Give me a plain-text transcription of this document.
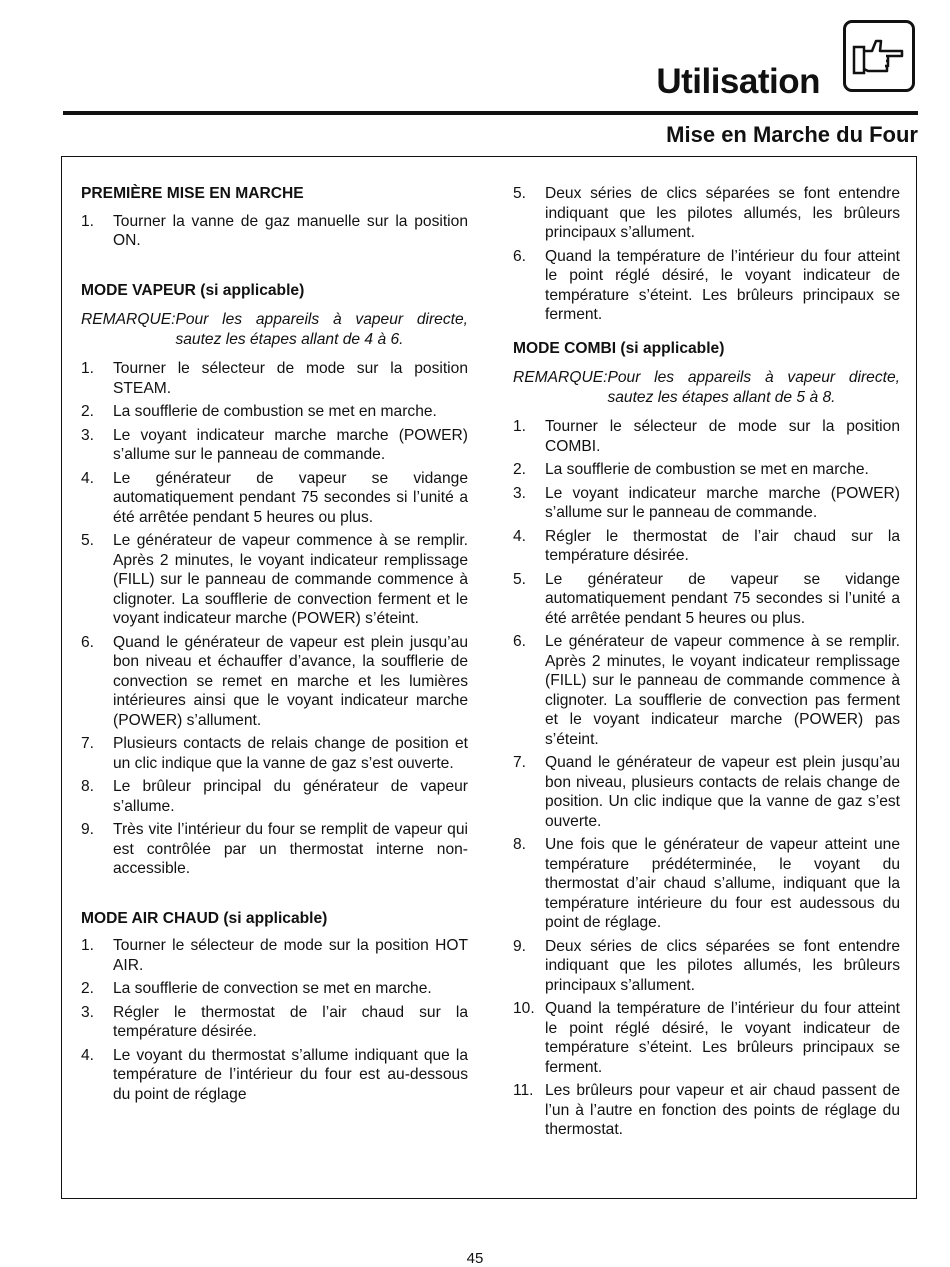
Utilisation
Mise en Marche du Four

PREMIÈRE MISE EN MARCHE

1.	Tourner la vanne de gaz manuelle sur la position ON.

MODE VAPEUR (si applicable)

REMARQUE: Pour les appareils à vapeur directe, sautez les étapes allant de 4 à 6.
1.	Tourner le sélecteur de mode sur la position STEAM.
2.	La soufflerie de combustion se met en marche.
3.	Le voyant indicateur marche marche (POWER) s’allume sur le panneau de commande.
4.	Le générateur de vapeur se vidange automatiquement pendant 75 secondes si l’unité a été arrêtée pendant 5 heures ou plus.
5.	Le générateur de vapeur commence à se remplir. Après 2 minutes, le voyant indicateur remplissage (FILL) sur le panneau de commande commence à clignoter. La soufflerie de convection ferment et le voyant indicateur marche (POWER) s’éteint.
6.	Quand le générateur de vapeur est plein jusqu’au bon niveau et échauffer d’avance, la soufflerie de convection se remet en marche et les lumières intérieures ainsi que le voyant indicateur marche (POWER) s’allument.
7.	Plusieurs contacts de relais change de position et un clic indique que la vanne de gaz s’est ouverte.
8.	Le brûleur principal du générateur de vapeur s’allume.
9.	Très vite l’intérieur du four se remplit de vapeur qui est contrôlée par un thermostat interne non-accessible.

MODE AIR CHAUD (si applicable)

1.	Tourner le sélecteur de mode sur la position HOT AIR.
2.	La soufflerie de convection se met en marche.
3.	Régler le thermostat de l’air chaud sur la température désirée.
4.	Le voyant du thermostat s’allume indiquant que la température de l’intérieur du four est au-dessous du point de réglage
5.	Deux séries de clics séparées se font entendre indiquant que les pilotes allumés, les brûleurs principaux s’allument.
6.	Quand la température de l’intérieur du four atteint le point réglé désiré, le voyant indicateur de température s’éteint. Les brûleurs principaux se ferment.

MODE COMBI (si applicable)

REMARQUE: Pour les appareils à vapeur directe, sautez les étapes allant de 5 à 8.
1.	Tourner le sélecteur de mode sur la position COMBI.
2.	La soufflerie de combustion se met en marche.
3.	Le voyant indicateur marche marche (POWER) s’allume sur le panneau de commande.
4.	Régler le thermostat de l’air chaud sur la température désirée.
5.	Le générateur de vapeur se vidange automatiquement pendant 75 secondes si l’unité a été arrêtée pendant 5 heures ou plus.
6.	Le générateur de vapeur commence à se remplir. Après 2 minutes, le voyant indicateur remplissage (FILL) sur le panneau de commande commence à clignoter. La soufflerie de convection pas ferment et le voyant indicateur marche (POWER) pas s’éteint.
7.	Quand le générateur de vapeur est plein jusqu’au bon niveau, plusieurs contacts de relais change de position. Un clic indique que la vanne de gaz s’est ouverte.
8.	Une fois que le générateur de vapeur atteint une température prédéterminée, le voyant du thermostat d’air chaud s’allume, indiquant que la température intérieure du four est audessous du point de réglage.
9.	Deux séries de clics séparées se font entendre indiquant que les pilotes allumés, les brûleurs principaux s’allument.
10. Quand la température de l’intérieur du four atteint le point réglé désiré, le voyant indicateur de température s’éteint. Les brûleurs principaux se ferment.
11. Les brûleurs pour vapeur et air chaud passent de l’un à l’autre en fonction des points de réglage du thermostat.
45
